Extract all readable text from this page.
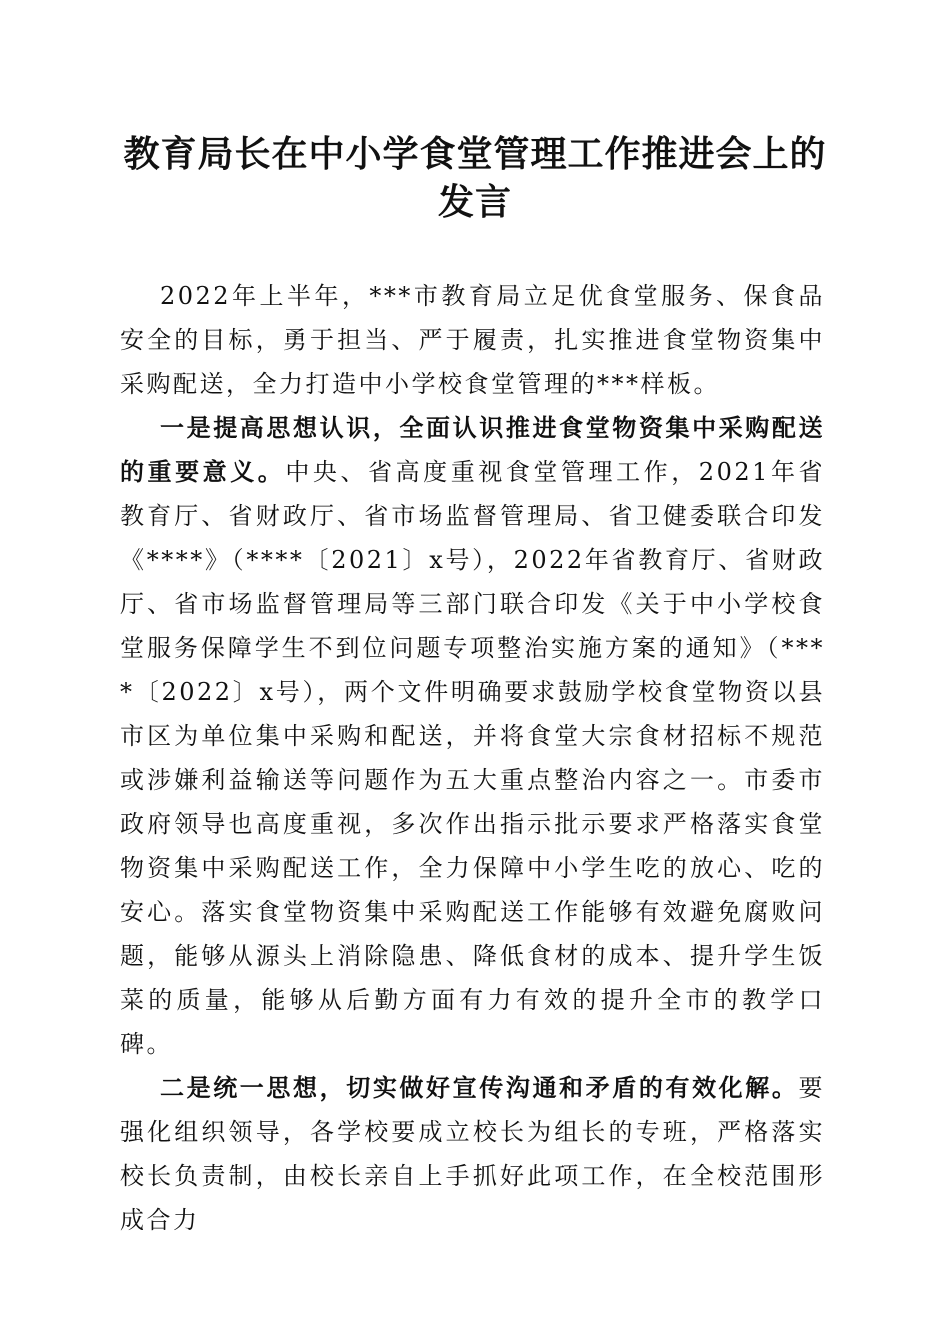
教育局长在中小学食堂管理工作推进会上的发言

2022年上半年，***市教育局立足优食堂服务、保食品安全的目标，勇于担当、严于履责，扎实推进食堂物资集中采购配送，全力打造中小学校食堂管理的***样板。

一是提高思想认识，全面认识推进食堂物资集中采购配送的重要意义。中央、省高度重视食堂管理工作，2021年省教育厅、省财政厅、省市场监督管理局、省卫健委联合印发《****》（****〔2021〕x号），2022年省教育厅、省财政厅、省市场监督管理局等三部门联合印发《关于中小学校食堂服务保障学生不到位问题专项整治实施方案的通知》（****〔2022〕x号），两个文件明确要求鼓励学校食堂物资以县市区为单位集中采购和配送，并将食堂大宗食材招标不规范或涉嫌利益输送等问题作为五大重点整治内容之一。市委市政府领导也高度重视，多次作出指示批示要求严格落实食堂物资集中采购配送工作，全力保障中小学生吃的放心、吃的安心。落实食堂物资集中采购配送工作能够有效避免腐败问题，能够从源头上消除隐患、降低食材的成本、提升学生饭菜的质量，能够从后勤方面有力有效的提升全市的教学口碑。

二是统一思想，切实做好宣传沟通和矛盾的有效化解。要强化组织领导，各学校要成立校长为组长的专班，严格落实校长负责制，由校长亲自上手抓好此项工作，在全校范围形成合力
